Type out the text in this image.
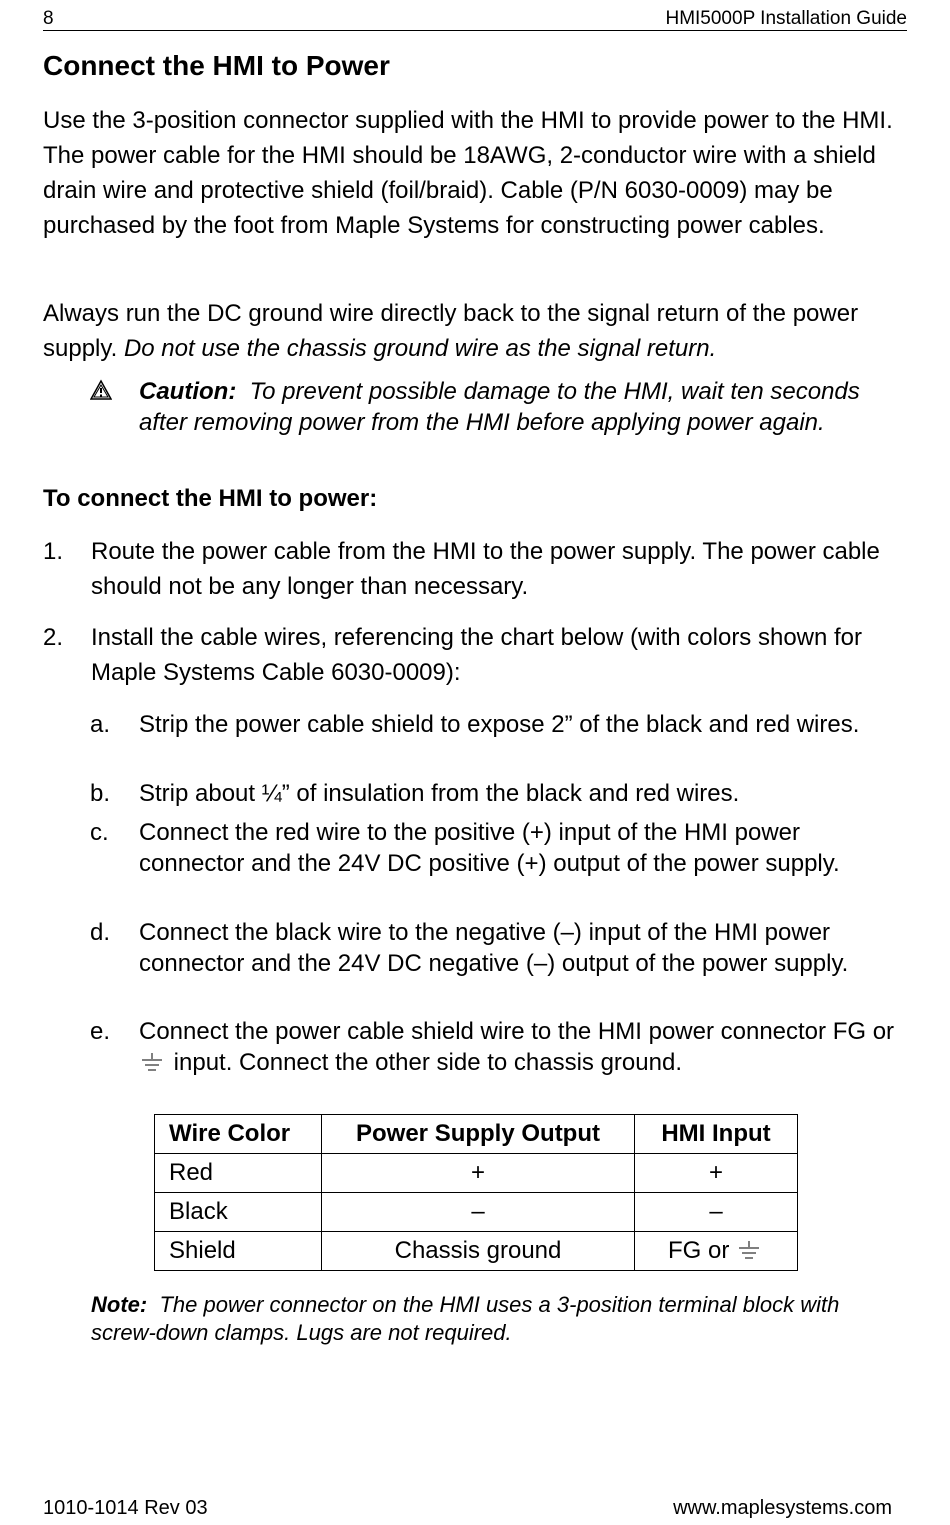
8	HMI5000P Installation Guide
Connect the HMI to Power

Use the 3-position connector supplied with the HMI to provide power to the HMI. The power cable for the HMI should be 18AWG, 2-conductor wire with a shield drain wire and protective shield (foil/braid). Cable (P/N 6030-0009) may be purchased by the foot from Maple Systems for constructing power cables.

Always run the DC ground wire directly back to the signal return of the power supply. Do not use the chassis ground wire as the signal return.

Caution: To prevent possible damage to the HMI, wait ten seconds after removing power from the HMI before applying power again.
To connect the HMI to power:
1. Route the power cable from the HMI to the power supply. The power cable should not be any longer than necessary.
2. Install the cable wires, referencing the chart below (with colors shown for Maple Systems Cable 6030-0009):
a. Strip the power cable shield to expose 2” of the black and red wires.
b. Strip about ¼” of insulation from the black and red wires.
c. Connect the red wire to the positive (+) input of the HMI power connector and the 24V DC positive (+) output of the power supply.
d. Connect the black wire to the negative (–) input of the HMI power connector and the 24V DC negative (–) output of the power supply.
e. Connect the power cable shield wire to the HMI power connector FG or  input. Connect the other side to chassis ground.
Wire Color	Power Supply Output	HMI Input
Red	+	+
Black	–	–
Shield	Chassis ground	FG or
Note: The power connector on the HMI uses a 3-position terminal block with screw-down clamps. Lugs are not required.
1010-1014 Rev 03	www.maplesystems.com
